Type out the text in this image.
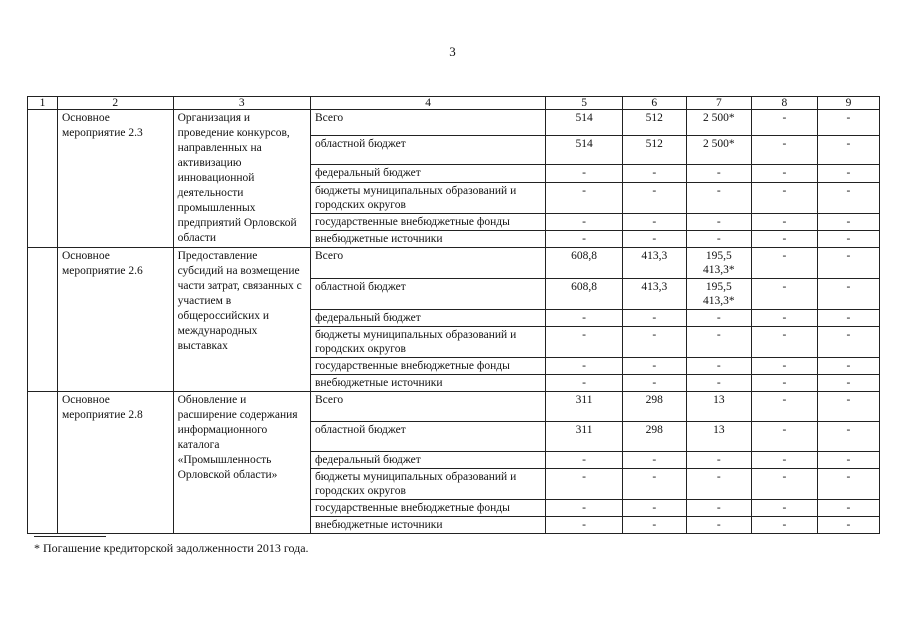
3
1	2	3	4	5	6	7	8	9
	Основное мероприятие 2.3	Организация и проведение конкурсов, направленных на активизацию инновационной деятельности промышленных предприятий Орловской области	Всего	514	512	2 500*	-	-
			областной бюджет	514	512	2 500*	-	-
			федеральный бюджет	-	-	-	-	-
			бюджеты муниципальных образований и городских округов	-	-	-	-	-
			государственные внебюджетные фонды	-	-	-	-	-
			внебюджетные источники	-	-	-	-	-
	Основное мероприятие 2.6	Предоставление субсидий на возмещение части затрат, связанных с участием в общероссийских и международных выставках	Всего	608,8	413,3	195,5 413,3*	-	-
			областной бюджет	608,8	413,3	195,5 413,3*	-	-
			федеральный бюджет	-	-	-	-	-
			бюджеты муниципальных образований и городских округов	-	-	-	-	-
			государственные внебюджетные фонды	-	-	-	-	-
			внебюджетные источники	-	-	-	-	-
	Основное мероприятие 2.8	Обновление и расширение содержания информационного каталога «Промышленность Орловской области»	Всего	311	298	13	-	-
			областной бюджет	311	298	13	-	-
			федеральный бюджет	-	-	-	-	-
			бюджеты муниципальных образований и городских округов	-	-	-	-	-
			государственные внебюджетные фонды	-	-	-	-	-
			внебюджетные источники	-	-	-	-	-
* Погашение кредиторской задолженности 2013 года.
